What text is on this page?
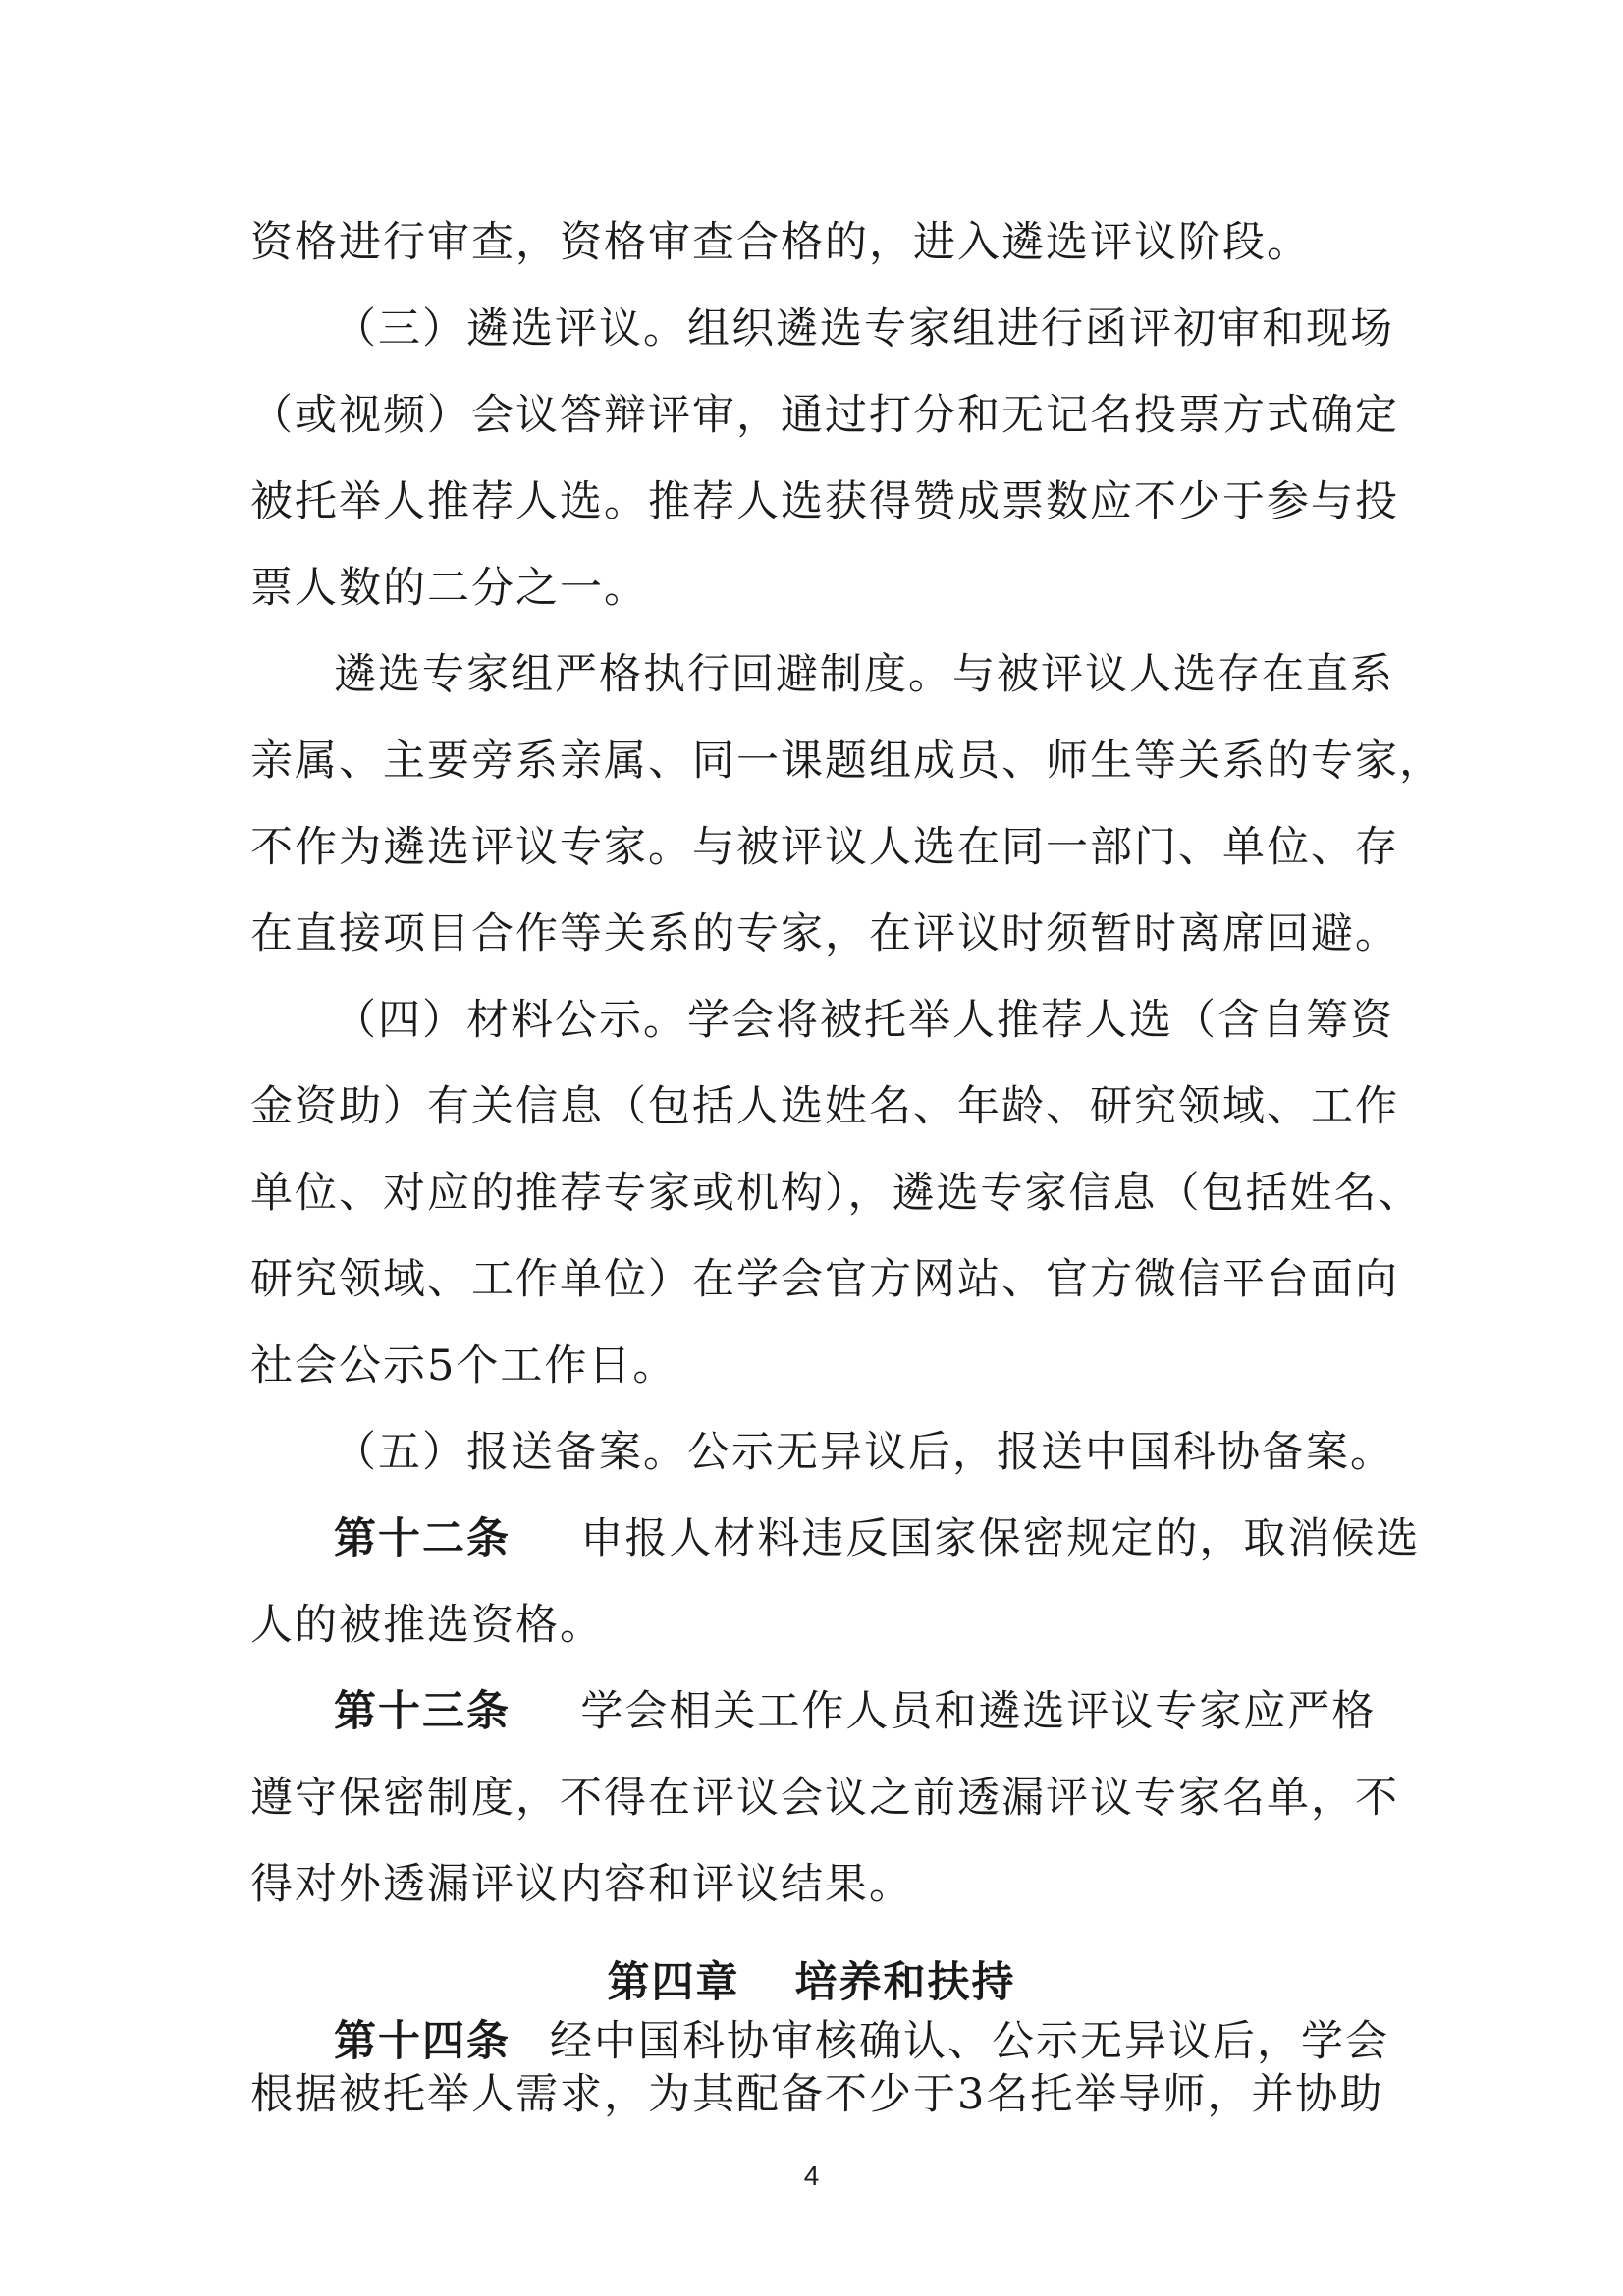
资格进行审查，资格审查合格的，进入遴选评议阶段。
（三）遴选评议。组织遴选专家组进行函评初审和现场
（或视频）会议答辩评审，通过打分和无记名投票方式确定
被托举人推荐人选。推荐人选获得赞成票数应不少于参与投
票人数的二分之一。
遴选专家组严格执行回避制度。与被评议人选存在直系
亲属、主要旁系亲属、同一课题组成员、师生等关系的专家，
不作为遴选评议专家。与被评议人选在同一部门、单位、存
在直接项目合作等关系的专家，在评议时须暂时离席回避。
（四）材料公示。学会将被托举人推荐人选（含自筹资
金资助）有关信息（包括人选姓名、年龄、研究领域、工作
单位、对应的推荐专家或机构），遴选专家信息（包括姓名、
研究领域、工作单位）在学会官方网站、官方微信平台面向
社会公示5个工作日。
（五）报送备案。公示无异议后，报送中国科协备案。
第十二条 申报人材料违反国家保密规定的，取消候选
人的被推选资格。
第十三条 学会相关工作人员和遴选评议专家应严格
遵守保密制度，不得在评议会议之前透漏评议专家名单，不
得对外透漏评议内容和评议结果。
第四章 培养和扶持
4
第十四条 经中国科协审核确认、公示无异议后，学会
根据被托举人需求，为其配备不少于3名托举导师，并协助
